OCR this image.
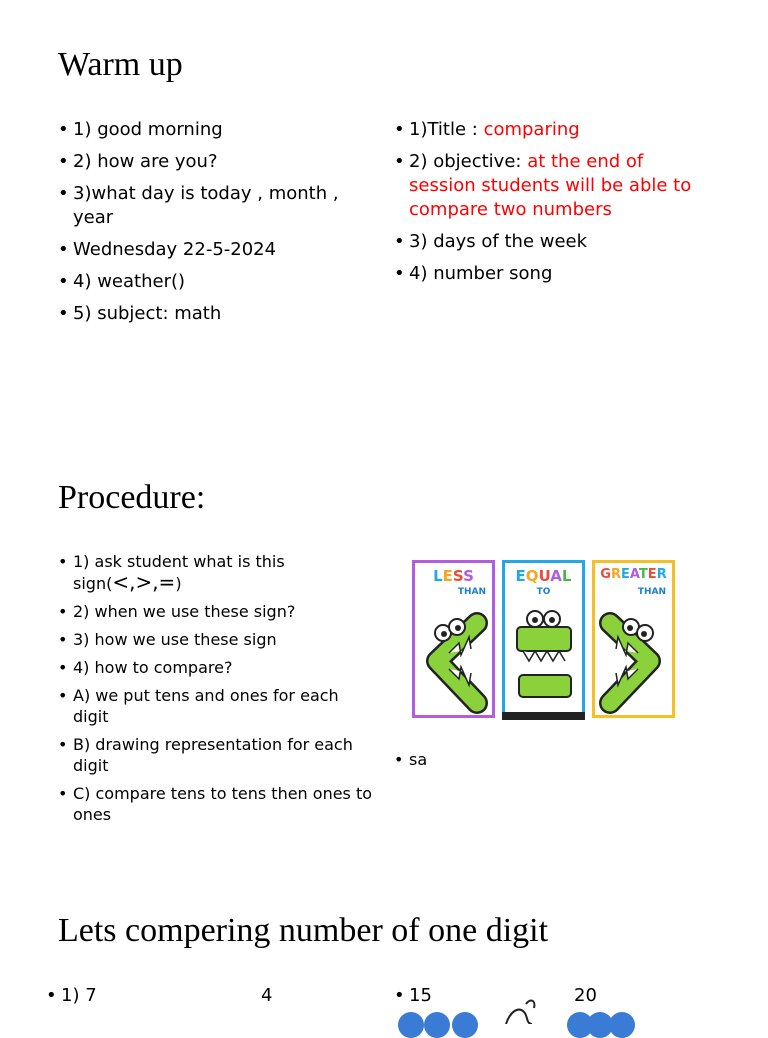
Warm up
• 1) good morning
• 2) how are you?
• 3)what day is today , month , year
• Wednesday 22-5-2024
• 4) weather()
• 5) subject: math
• 1)Title : comparing
• 2) objective: at the end of session students will be able to compare two numbers
• 3) days of the week
• 4) number song
Procedure:
• 1) ask student what is this sign(<,>,=)
• 2) when we use these sign?
• 3) how we use these sign
• 4) how to compare?
• A) we put tens and ones for each digit
• B) drawing representation for each digit
• C) compare tens to tens then ones to ones
LESS
THAN
EQUAL
TO
GREATER
THAN
• sa
Lets compering number of one digit
• 1) 7	4
•	15	20
